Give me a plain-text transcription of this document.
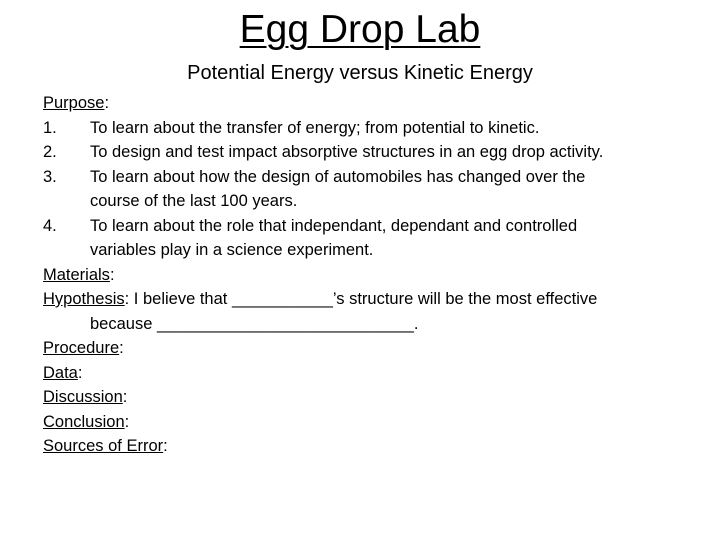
Egg Drop Lab
Potential Energy versus Kinetic Energy
Purpose:
1.	To learn about the transfer of energy; from potential to kinetic.
2.	To design and test impact absorptive structures in an egg drop activity.
3.	To learn about how the design of automobiles has changed over the
course of the last 100 years.
4.	To learn about the role that independant, dependant and controlled
variables play in a science experiment.
Materials:
Hypothesis: I believe that ___________’s structure will be the most effective
because ____________________________.
Procedure:
Data:
Discussion:
Conclusion:
Sources of Error:
